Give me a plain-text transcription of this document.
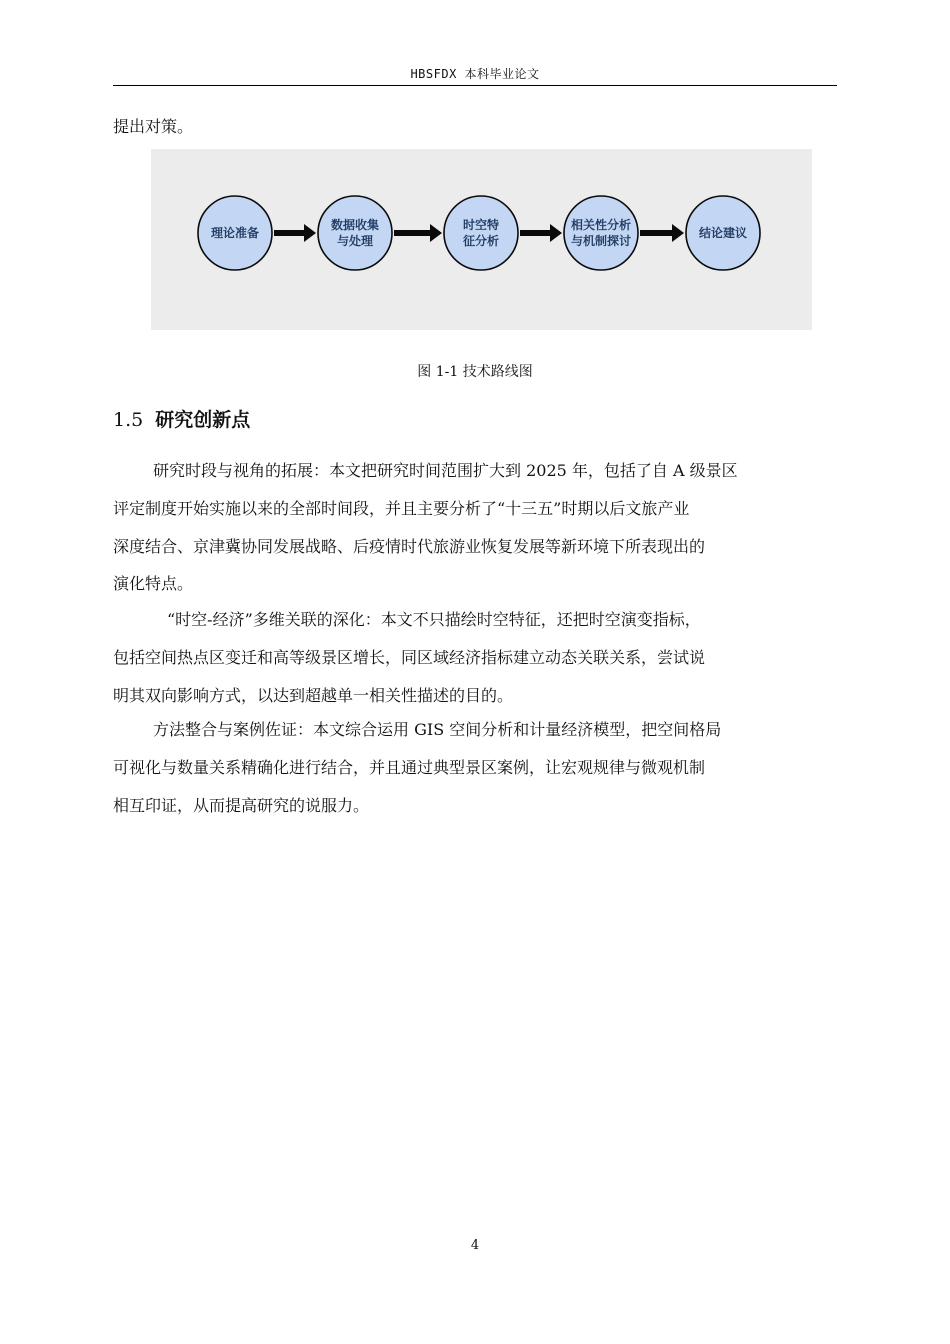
HBSFDX 本科毕业论文
提出对策。
理论准备
数据收集
与处理
时空特
征分析
相关性分析
与机制探讨
结论建议
图 1-1 技术路线图
1.5 研究创新点
研究时段与视角的拓展：本文把研究时间范围扩大到 2025 年，包括了自 A 级景区
评定制度开始实施以来的全部时间段，并且主要分析了“十三五”时期以后文旅产业
深度结合、京津冀协同发展战略、后疫情时代旅游业恢复发展等新环境下所表现出的
演化特点。
“时空-经济”多维关联的深化：本文不只描绘时空特征，还把时空演变指标，
包括空间热点区变迁和高等级景区增长，同区域经济指标建立动态关联关系，尝试说
明其双向影响方式，以达到超越单一相关性描述的目的。
方法整合与案例佐证：本文综合运用 GIS 空间分析和计量经济模型，把空间格局
可视化与数量关系精确化进行结合，并且通过典型景区案例，让宏观规律与微观机制
相互印证，从而提高研究的说服力。
4
